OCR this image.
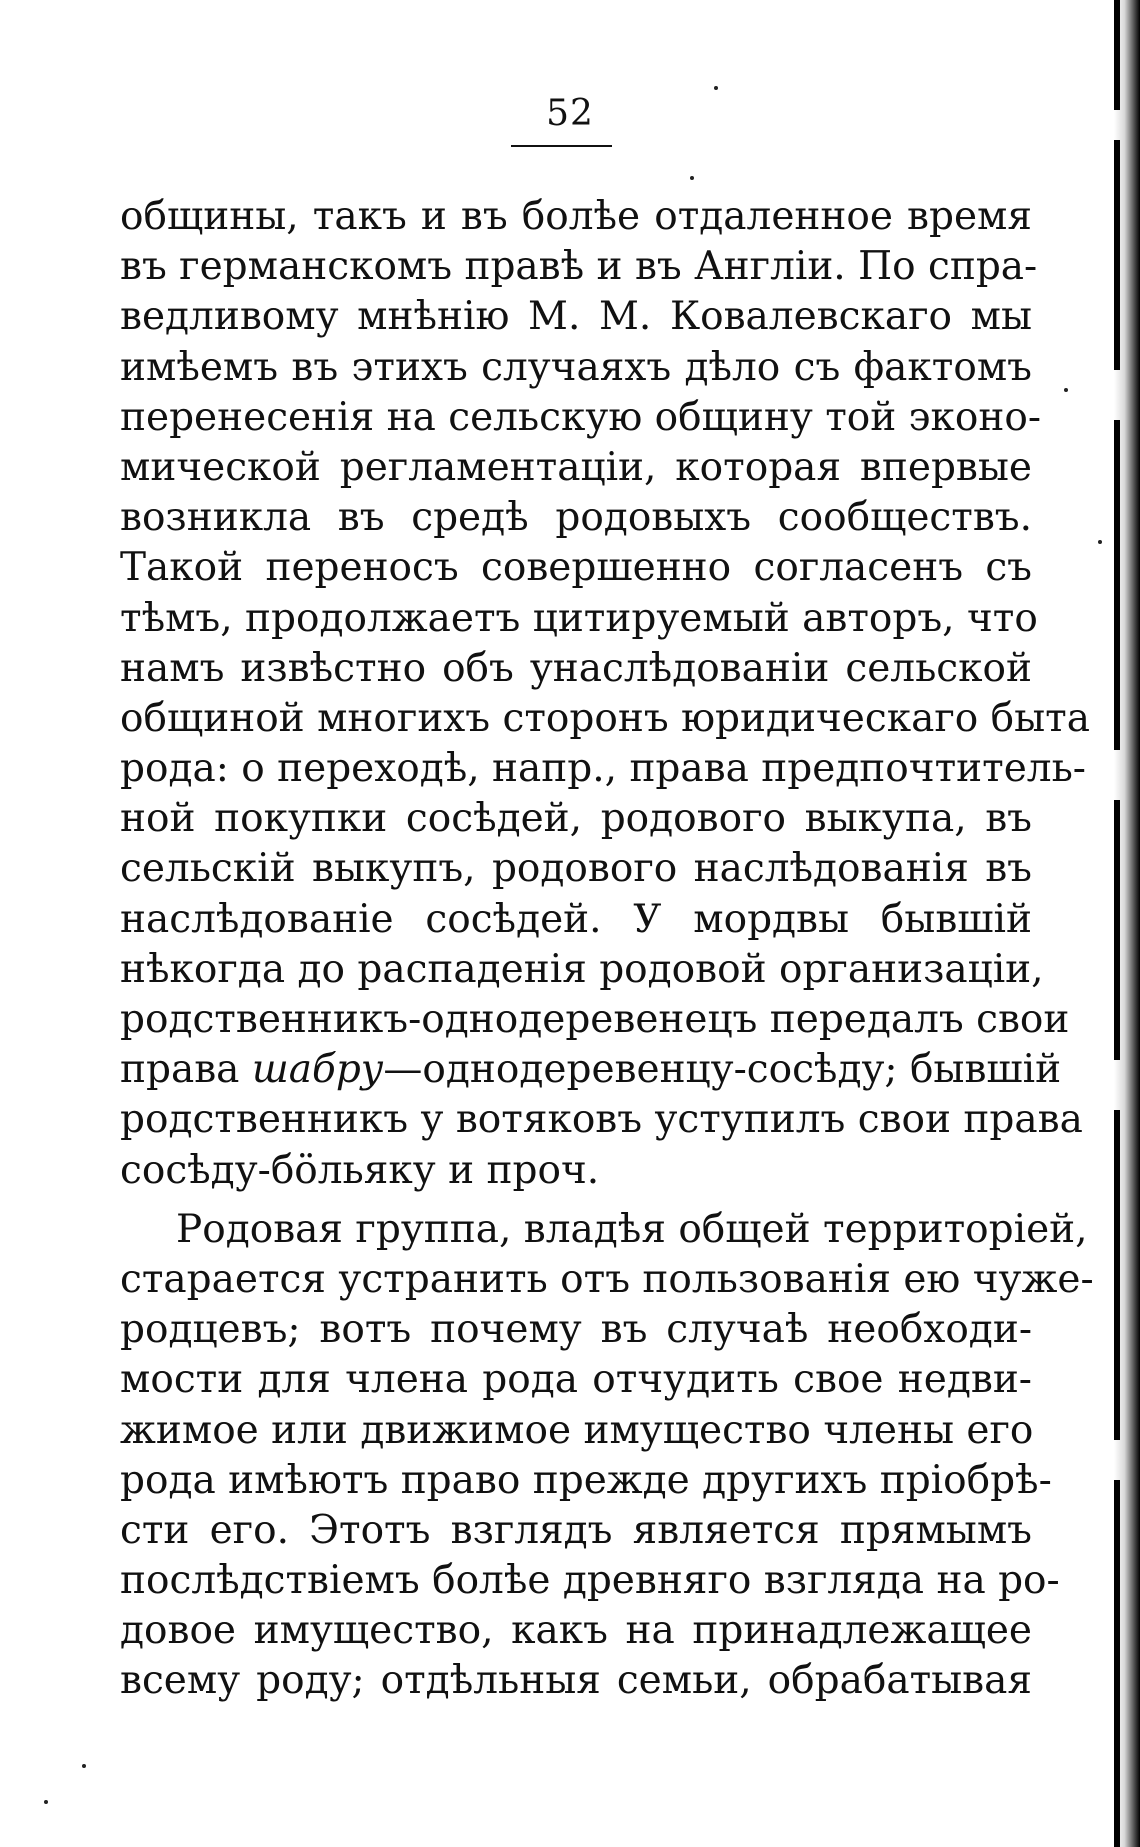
52
общины, такъ и въ болѣе отдаленное время
въ германскомъ правѣ и въ Англіи. По спра-
ведливому мнѣнію М. М. Ковалевскаго мы
имѣемъ въ этихъ случаяхъ дѣло съ фактомъ
перенесенія на сельскую общину той эконо-
мической регламентаціи, которая впервые
возникла въ средѣ родовыхъ сообществъ.
Такой переносъ совершенно согласенъ съ
тѣмъ, продолжаетъ цитируемый авторъ, что
намъ извѣстно объ унаслѣдованіи сельской
общиной многихъ сторонъ юридическаго быта
рода: о переходѣ, напр., права предпочтитель-
ной покупки сосѣдей, родового выкупа, въ
сельскій выкупъ, родового наслѣдованія въ
наслѣдованіе сосѣдей. У мордвы бывшій
нѣкогда до распаденія родовой организаціи,
родственникъ-однодеревенецъ передалъ свои
права шабру—однодеревенцу-сосѣду; бывшій
родственникъ у вотяковъ уступилъ свои права
сосѣду-бöльяку и проч.
Родовая группа, владѣя общей территоріей,
старается устранить отъ пользованія ею чуже-
родцевъ; вотъ почему въ случаѣ необходи-
мости для члена рода отчудить свое недви-
жимое или движимое имущество члены его
рода имѣютъ право прежде другихъ пріобрѣ-
сти его. Этотъ взглядъ является прямымъ
послѣдствіемъ болѣе древняго взгляда на ро-
довое имущество, какъ на принадлежащее
всему роду; отдѣльныя семьи, обрабатывая
